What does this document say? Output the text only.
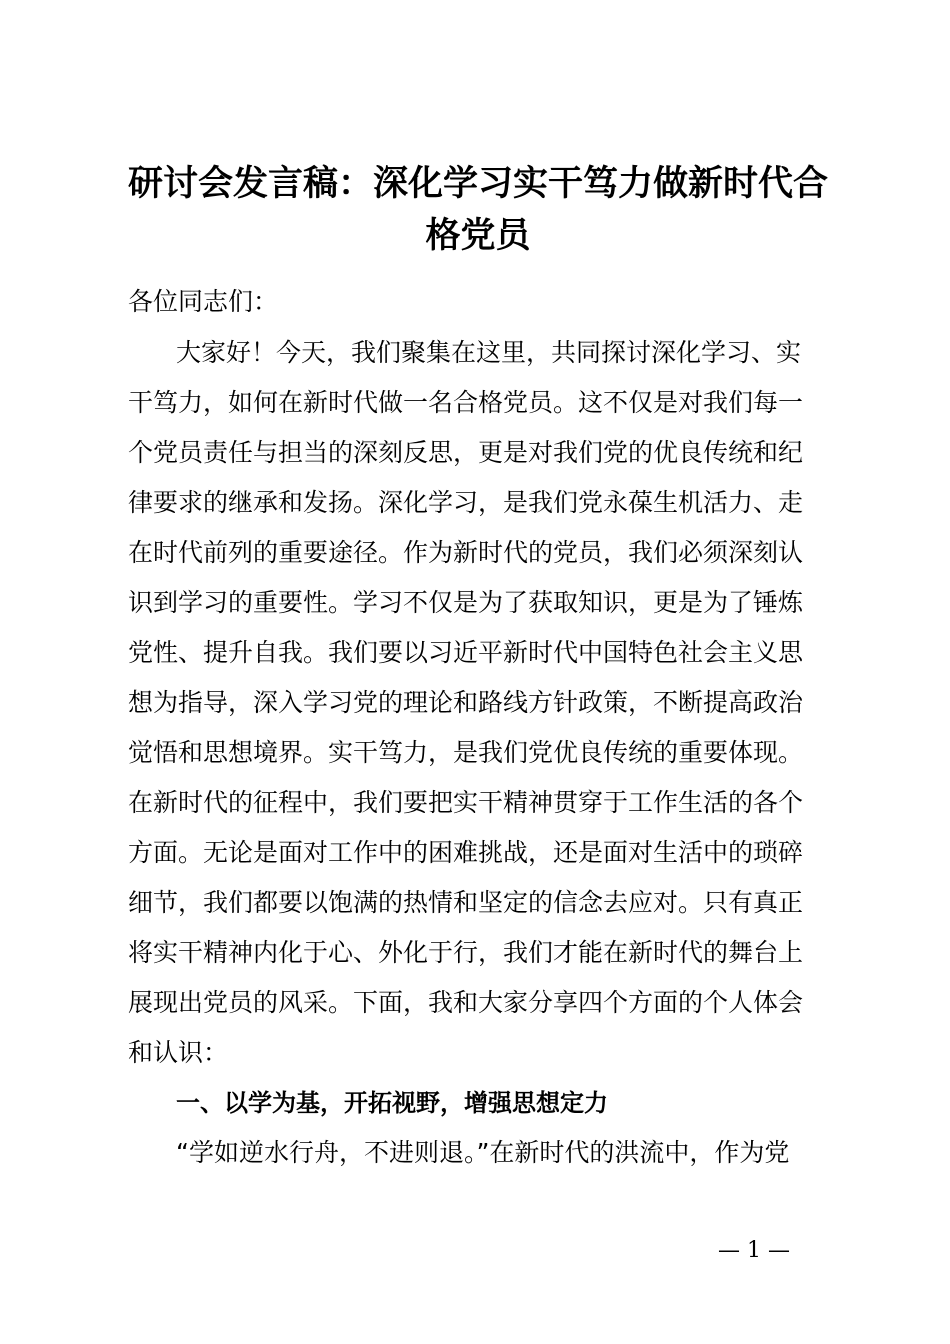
研讨会发言稿：深化学习实干笃力做新时代合
格党员
各位同志们：
大家好！今天，我们聚集在这里，共同探讨深化学习、实
干笃力，如何在新时代做一名合格党员。这不仅是对我们每一
个党员责任与担当的深刻反思，更是对我们党的优良传统和纪
律要求的继承和发扬。深化学习，是我们党永葆生机活力、走
在时代前列的重要途径。作为新时代的党员，我们必须深刻认
识到学习的重要性。学习不仅是为了获取知识，更是为了锤炼
党性、提升自我。我们要以习近平新时代中国特色社会主义思
想为指导，深入学习党的理论和路线方针政策，不断提高政治
觉悟和思想境界。实干笃力，是我们党优良传统的重要体现。
在新时代的征程中，我们要把实干精神贯穿于工作生活的各个
方面。无论是面对工作中的困难挑战，还是面对生活中的琐碎
细节，我们都要以饱满的热情和坚定的信念去应对。只有真正
将实干精神内化于心、外化于行，我们才能在新时代的舞台上
展现出党员的风采。下面，我和大家分享四个方面的个人体会
和认识：
一、以学为基，开拓视野，增强思想定力
“学如逆水行舟，不进则退。”在新时代的洪流中，作为党
— 1 —
